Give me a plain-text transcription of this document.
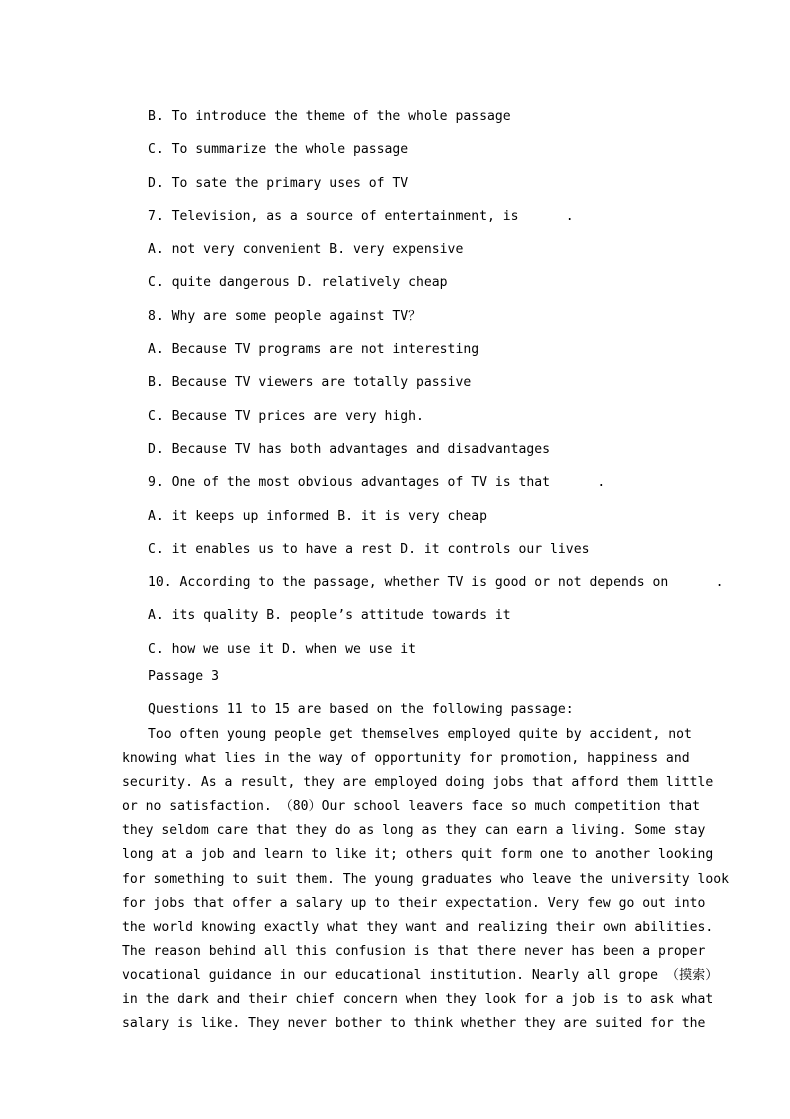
B. To introduce the theme of the whole passage
C. To summarize the whole passage
D. To sate the primary uses of TV
7. Television, as a source of entertainment, is      .
A. not very convenient B. very expensive
C. quite dangerous D. relatively cheap
8. Why are some people against TV？
A. Because TV programs are not interesting
B. Because TV viewers are totally passive
C. Because TV prices are very high.
D. Because TV has both advantages and disadvantages
9. One of the most obvious advantages of TV is that      .
A. it keeps up informed B. it is very cheap
C. it enables us to have a rest D. it controls our lives
10. According to the passage, whether TV is good or not depends on      .
A. its quality B. people’s attitude towards it
C. how we use it D. when we use it
Passage 3
Questions 11 to 15 are based on the following passage:
Too often young people get themselves employed quite by accident, not
knowing what lies in the way of opportunity for promotion, happiness and
security. As a result, they are employed doing jobs that afford them little
or no satisfaction. （80）Our school leavers face so much competition that
they seldom care that they do as long as they can earn a living. Some stay
long at a job and learn to like it; others quit form one to another looking
for something to suit them. The young graduates who leave the university look
for jobs that offer a salary up to their expectation. Very few go out into
the world knowing exactly what they want and realizing their own abilities.
The reason behind all this confusion is that there never has been a proper
vocational guidance in our educational institution. Nearly all grope （摸索）
in the dark and their chief concern when they look for a job is to ask what
salary is like. They never bother to think whether they are suited for the
